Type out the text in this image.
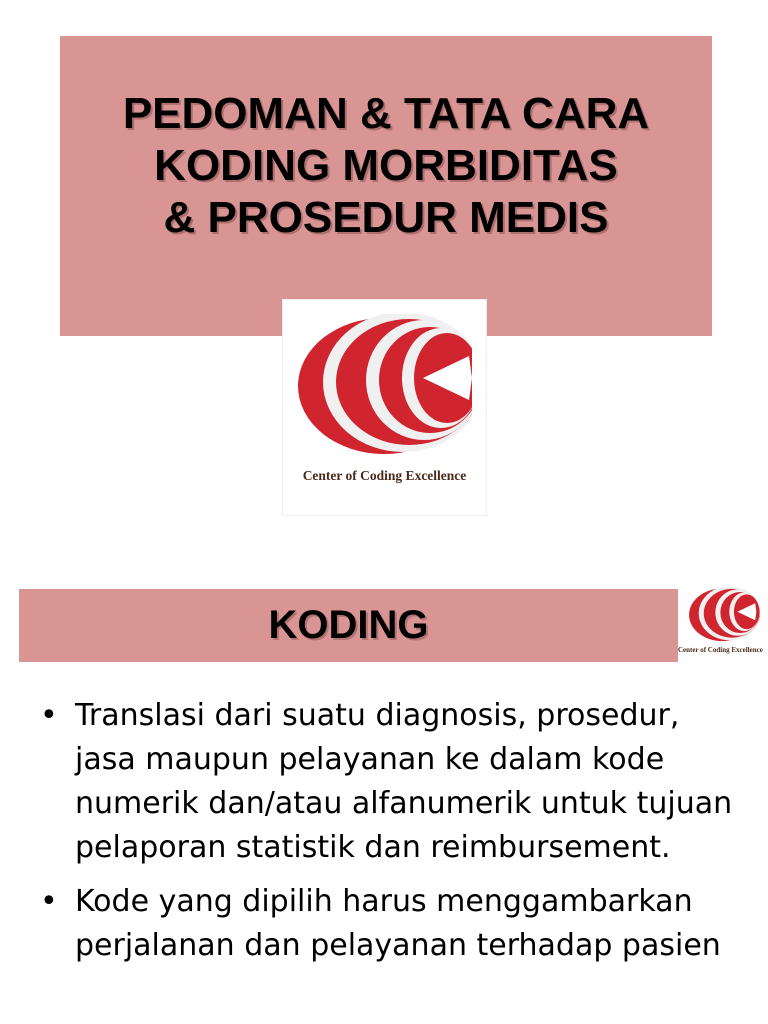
PEDOMAN & TATA CARA
KODING MORBIDITAS
& PROSEDUR MEDIS
Center of Coding Excellence
KODING
Center of Coding Excellence
• Translasi dari suatu diagnosis, prosedur, jasa maupun pelayanan ke dalam kode numerik dan/atau alfanumerik untuk tujuan pelaporan statistik dan reimbursement.
• Kode yang dipilih harus menggambarkan perjalanan dan pelayanan terhadap pasien
